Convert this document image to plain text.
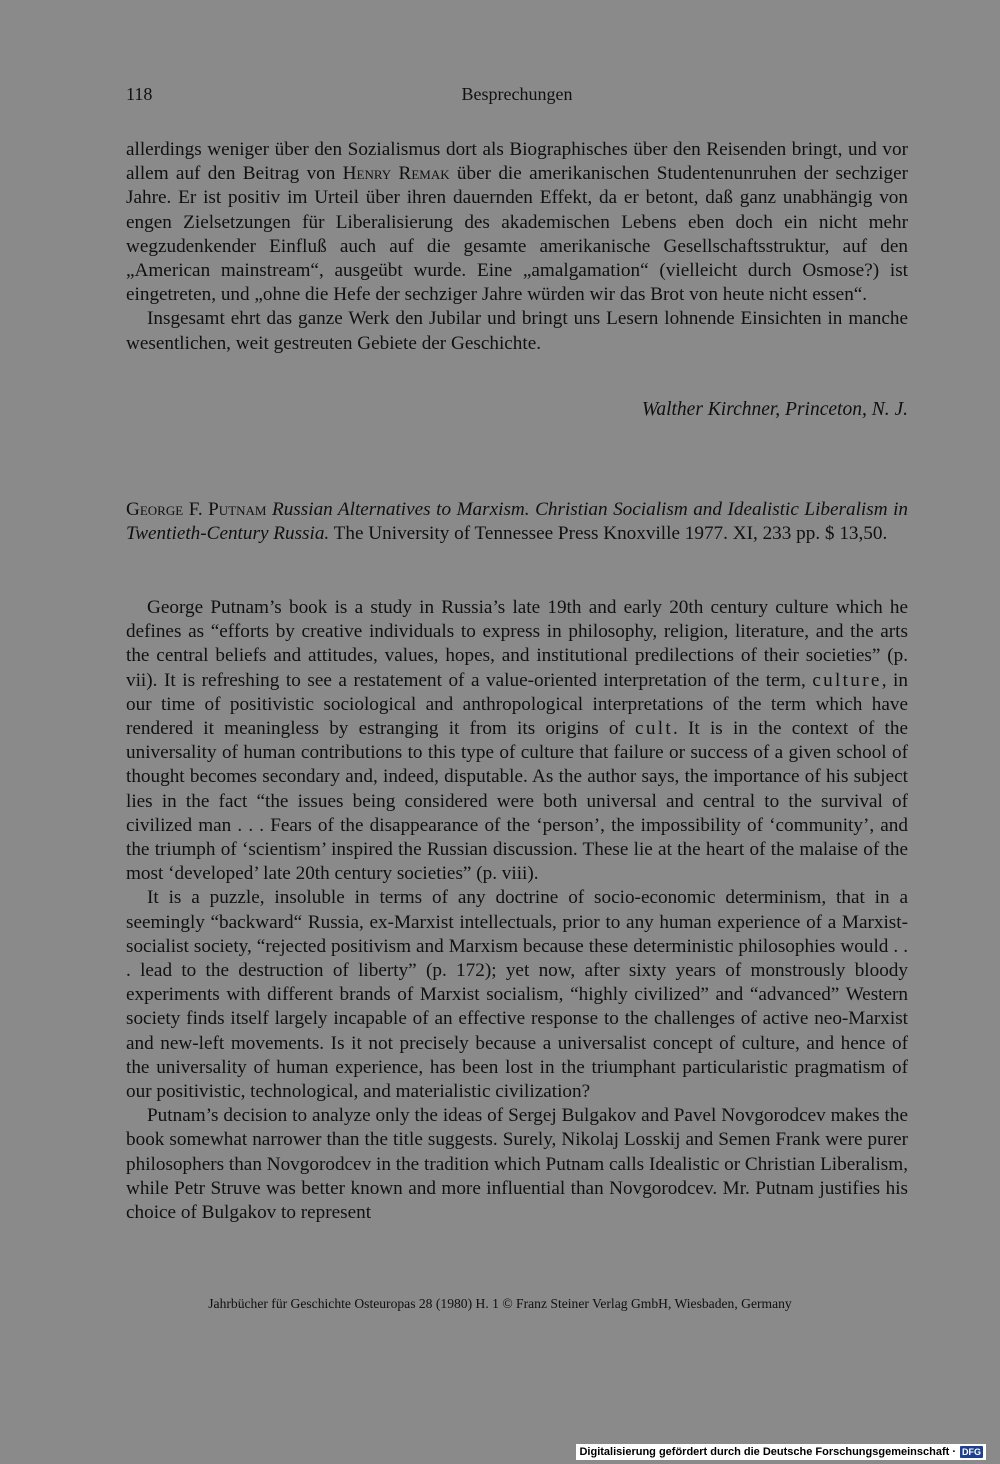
118	Besprechungen

allerdings weniger über den Sozialismus dort als Biographisches über den Reisenden bringt, und vor allem auf den Beitrag von Henry Remak über die amerikanischen Studentenunruhen der sechziger Jahre. Er ist positiv im Urteil über ihren dauernden Effekt, da er betont, daß ganz unabhängig von engen Zielsetzungen für Liberalisierung des akademischen Lebens eben doch ein nicht mehr wegzudenkender Einfluß auch auf die gesamte amerikanische Gesellschaftsstruktur, auf den „American mainstream“, ausgeübt wurde. Eine „amalgamation“ (vielleicht durch Osmose?) ist eingetreten, und „ohne die Hefe der sechziger Jahre würden wir das Brot von heute nicht essen“.

Insgesamt ehrt das ganze Werk den Jubilar und bringt uns Lesern lohnende Einsichten in manche wesentlichen, weit gestreuten Gebiete der Geschichte.

Walther Kirchner, Princeton, N. J.
George F. Putnam Russian Alternatives to Marxism. Christian Socialism and Idealistic Liberalism in Twentieth-Century Russia. The University of Tennessee Press Knoxville 1977. XI, 233 pp. $ 13,50.

George Putnam’s book is a study in Russia’s late 19th and early 20th century culture which he defines as “efforts by creative individuals to express in philosophy, religion, literature, and the arts the central beliefs and attitudes, values, hopes, and institutional predilections of their societies” (p. vii). It is refreshing to see a restatement of a value-oriented interpretation of the term, culture, in our time of positivistic sociological and anthropological interpretations of the term which have rendered it meaningless by estranging it from its origins of cult. It is in the context of the universality of human contributions to this type of culture that failure or success of a given school of thought becomes secondary and, indeed, disputable. As the author says, the importance of his subject lies in the fact “the issues being considered were both universal and central to the survival of civilized man . . . Fears of the disappearance of the ‘person’, the impossibility of ‘community’, and the triumph of ‘scientism’ inspired the Russian discussion. These lie at the heart of the malaise of the most ‘developed’ late 20th century societies” (p. viii).

It is a puzzle, insoluble in terms of any doctrine of socio-economic determinism, that in a seemingly “backward“ Russia, ex-Marxist intellectuals, prior to any human experience of a Marxist-socialist society, “rejected positivism and Marxism because these deterministic philosophies would . . . lead to the destruction of liberty” (p. 172); yet now, after sixty years of monstrously bloody experiments with different brands of Marxist socialism, “highly civilized” and “advanced” Western society finds itself largely incapable of an effective response to the challenges of active neo-Marxist and new-left movements. Is it not precisely because a universalist concept of culture, and hence of the universality of human experience, has been lost in the triumphant particularistic pragmatism of our positivistic, technological, and materialistic civilization?

Putnam’s decision to analyze only the ideas of Sergej Bulgakov and Pavel Novgorodcev makes the book somewhat narrower than the title suggests. Surely, Nikolaj Losskij and Semen Frank were purer philosophers than Novgorodcev in the tradition which Putnam calls Idealistic or Christian Liberalism, while Petr Struve was better known and more influential than Novgorodcev. Mr. Putnam justifies his choice of Bulgakov to represent

Jahrbücher für Geschichte Osteuropas 28 (1980) H. 1 © Franz Steiner Verlag GmbH, Wiesbaden, Germany
Digitalisierung gefördert durch die Deutsche Forschungsgemeinschaft · DFG
